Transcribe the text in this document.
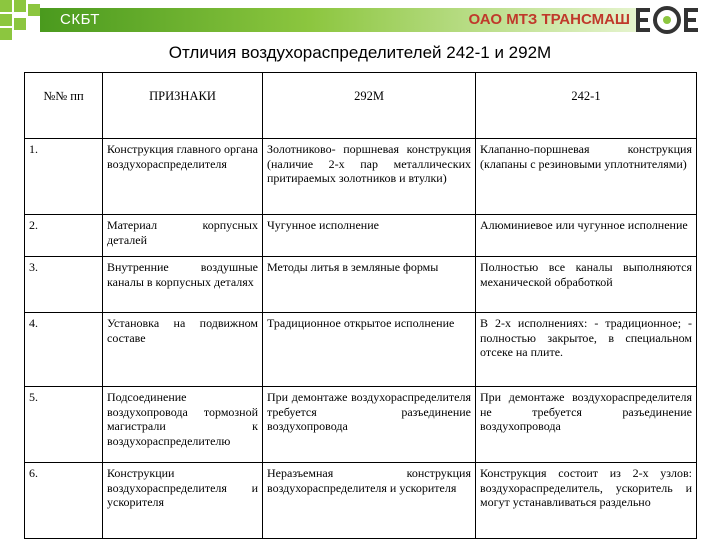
СКБТ	ОАО МТЗ ТРАНСМАШ
Отличия воздухораспределителей 242-1 и 292М
№№ пп	ПРИЗНАКИ	292М	242-1
1.	Конструкция главного органа воздухораспределителя	Золотниково- поршневая конструкция (наличие 2-х пар металлических притираемых золотников и втулки)	Клапанно-поршневая конструкция (клапаны с резиновыми уплотнителями)
2.	Материал корпусных деталей	Чугунное исполнение	Алюминиевое или чугунное исполнение
3.	Внутренние воздушные каналы в корпусных деталях	Методы литья в земляные формы	Полностью все каналы выполняются механической обработкой
4.	Установка на подвижном составе	Традиционное открытое исполнение	В 2-х исполнениях: - традиционное; - полностью закрытое, в специальном отсеке на плите.
5.	Подсоединение воздухопровода тормозной магистрали к воздухораспределителю	При демонтаже воздухораспределителя требуется разъединение воздухопровода	При демонтаже воздухораспределителя не требуется разъединение воздухопровода
6.	Конструкции воздухораспределителя и ускорителя	Неразъемная конструкция воздухораспределителя и ускорителя	Конструкция состоит из 2-х узлов: воздухораспределитель, ускоритель и могут устанавливаться раздельно
